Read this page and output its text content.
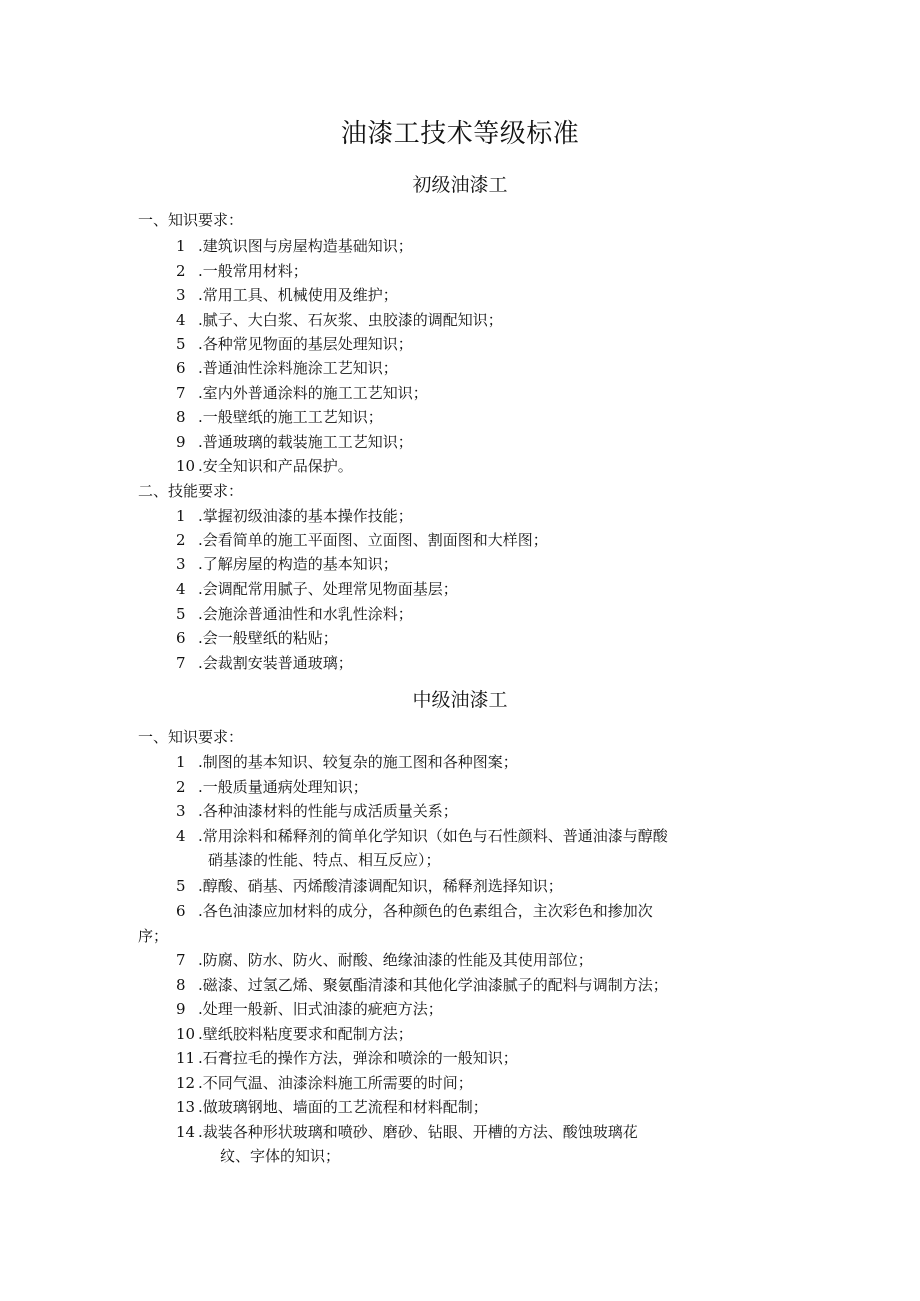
油漆工技术等级标准
初级油漆工
一、知识要求：
1 .建筑识图与房屋构造基础知识；
2 .一般常用材料；
3 .常用工具、机械使用及维护；
4 .腻子、大白浆、石灰浆、虫胶漆的调配知识；
5 .各种常见物面的基层处理知识；
6 .普通油性涂料施涂工艺知识；
7 .室内外普通涂料的施工工艺知识；
8 .一般壁纸的施工工艺知识；
9 .普通玻璃的载装施工工艺知识；
10 .安全知识和产品保护。
二、技能要求：
1 .掌握初级油漆的基本操作技能；
2 .会看简单的施工平面图、立面图、割面图和大样图；
3 .了解房屋的构造的基本知识；
4 .会调配常用腻子、处理常见物面基层；
5 .会施涂普通油性和水乳性涂料；
6 .会一般壁纸的粘贴；
7 .会裁割安装普通玻璃；
中级油漆工
一、知识要求：
1 .制图的基本知识、较复杂的施工图和各种图案；
2 .一般质量通病处理知识；
3 .各种油漆材料的性能与成活质量关系；
4 .常用涂料和稀释剂的简单化学知识（如色与石性颜料、普通油漆与醇酸
硝基漆的性能、特点、相互反应）；
5 .醇酸、硝基、丙烯酸清漆调配知识，稀释剂选择知识；
6 .各色油漆应加材料的成分，各种颜色的色素组合，主次彩色和掺加次
序；
7 .防腐、防水、防火、耐酸、绝缘油漆的性能及其使用部位；
8 .磁漆、过氢乙烯、聚氨酯清漆和其他化学油漆腻子的配料与调制方法；
9 .处理一般新、旧式油漆的疵疤方法；
10 .壁纸胶料粘度要求和配制方法；
11 .石膏拉毛的操作方法，弹涂和喷涂的一般知识；
12 .不同气温、油漆涂料施工所需要的时间；
13 .做玻璃钢地、墙面的工艺流程和材料配制；
14 .裁装各种形状玻璃和喷砂、磨砂、钻眼、开槽的方法、酸蚀玻璃花
纹、字体的知识；
